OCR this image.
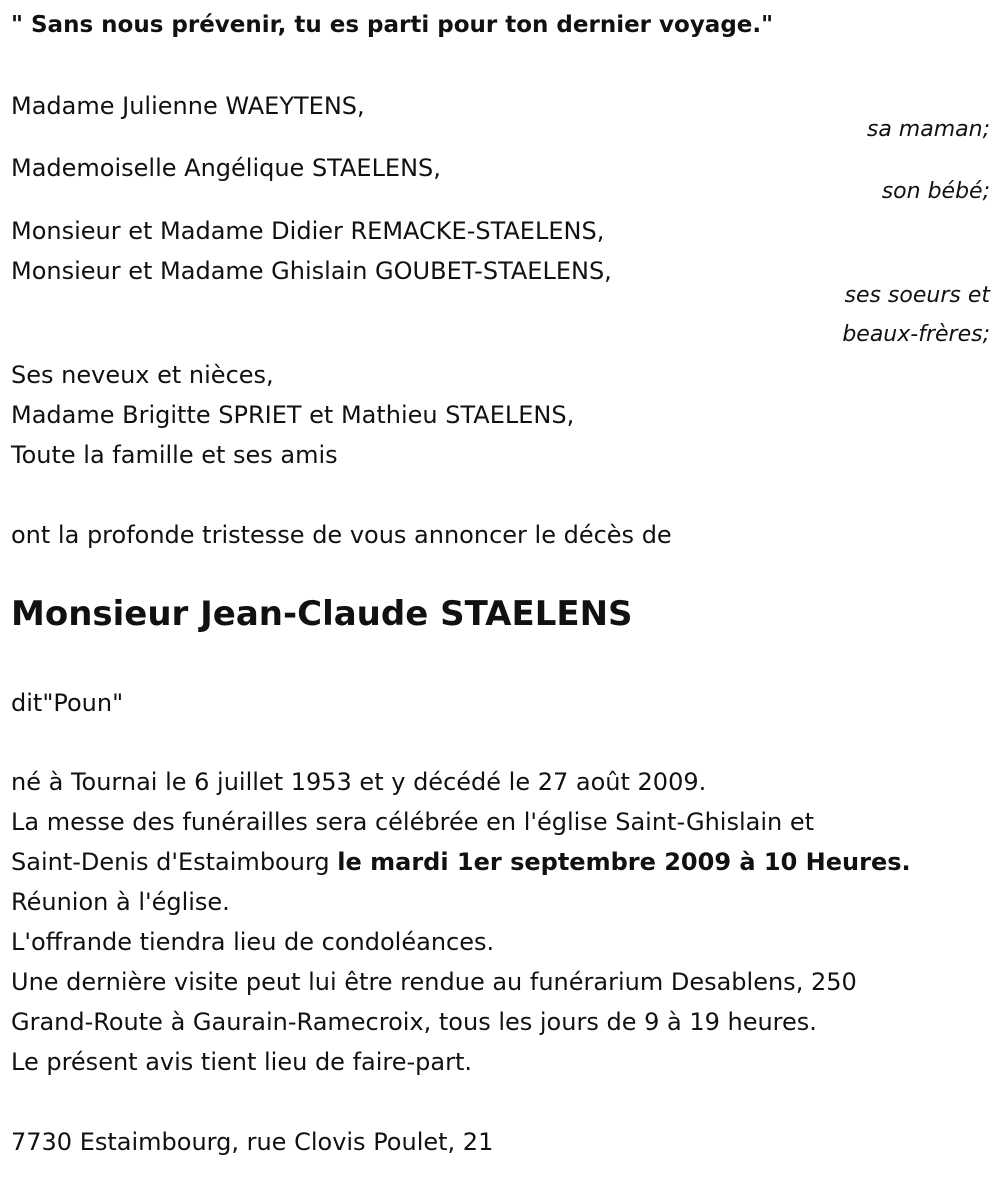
" Sans nous prévenir, tu es parti pour ton dernier voyage."
Madame Julienne WAEYTENS,
sa maman;
Mademoiselle Angélique STAELENS,
son bébé;
Monsieur et Madame Didier REMACKE-STAELENS,
Monsieur et Madame Ghislain GOUBET-STAELENS,
ses soeurs et
beaux-frères;
Ses neveux et nièces,
Madame Brigitte SPRIET et Mathieu STAELENS,
Toute la famille et ses amis
ont la profonde tristesse de vous annoncer le décès de
Monsieur Jean-Claude STAELENS
dit"Poun"
né à Tournai le 6 juillet 1953 et y décédé le 27 août 2009.
La messe des funérailles sera célébrée en l'église Saint-Ghislain et
Saint-Denis d'Estaimbourg le mardi 1er septembre 2009 à 10 Heures.
Réunion à l'église.
L'offrande tiendra lieu de condoléances.
Une dernière visite peut lui être rendue au funérarium Desablens, 250
Grand-Route à Gaurain-Ramecroix, tous les jours de 9 à 19 heures.
Le présent avis tient lieu de faire-part.
7730 Estaimbourg, rue Clovis Poulet, 21
